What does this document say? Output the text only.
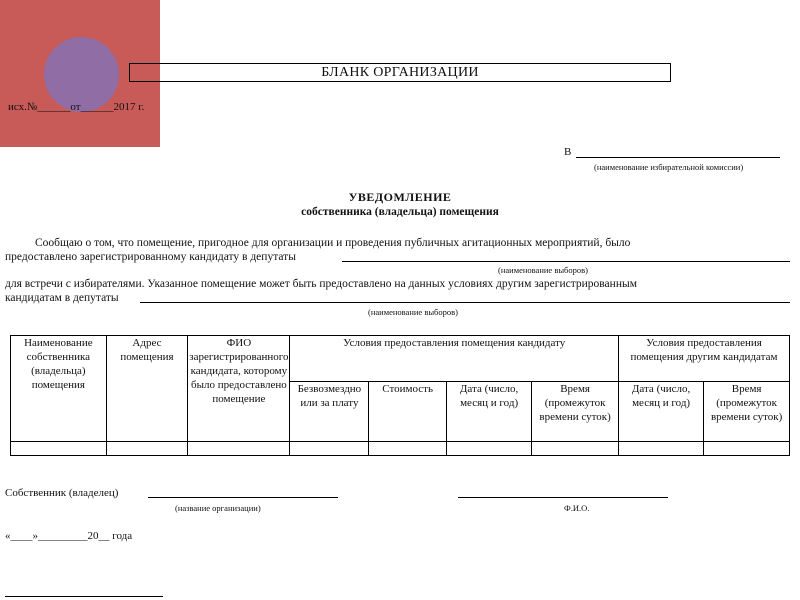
БЛАНК ОРГАНИЗАЦИИ
исх.№______от______2017 г.
В
(наименование избирательной комиссии)
УВЕДОМЛЕНИЕ
собственника (владельца) помещения
Сообщаю о том, что помещение, пригодное для организации и проведения публичных агитационных мероприятий, было
предоставлено зарегистрированному кандидату в депутаты
(наименование выборов)
для встречи с избирателями. Указанное помещение может быть предоставлено на данных условиях другим зарегистрированным
кандидатам в депутаты
(наименование выборов)
Наименование собственника (владельца) помещения	Адрес помещения	ФИО зарегистрированного кандидата, которому было предоставлено помещение	Условия предоставления помещения кандидату				Условия предоставления помещения другим кандидатам	
			Безвозмездно или за плату	Стоимость	Дата (число, месяц и год)	Время (промежуток времени суток)	Дата (число, месяц и год)	Время (промежуток времени суток)

Собственник (владелец)
(название организации)	Ф.И.О.
«____»_________20__ года
